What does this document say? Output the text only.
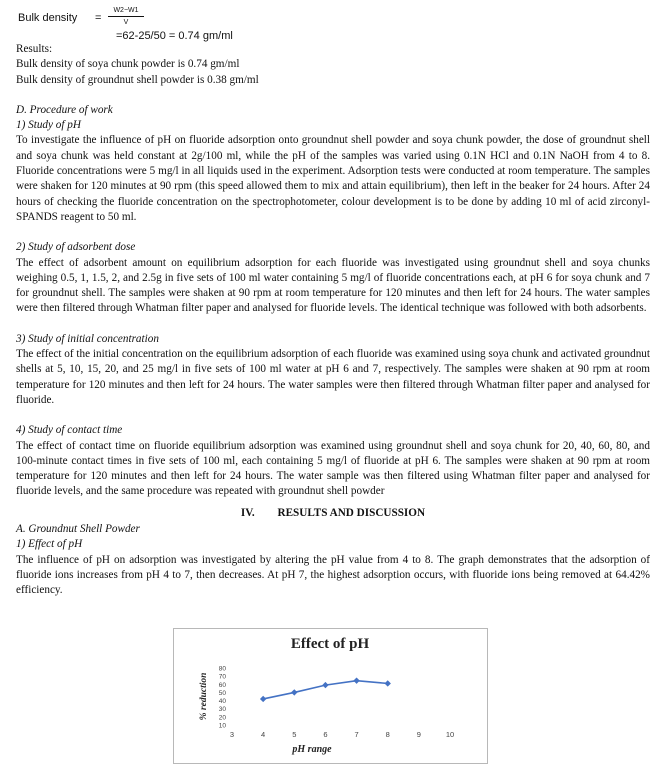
Bulk density = $\frac{W2-W1}{V}$
=62-25/50 = 0.74 gm/ml

Results:

Bulk density of soya chunk powder is 0.74 gm/ml

Bulk density of groundnut shell powder is 0.38 gm/ml

D. Procedure of work

1) Study of pH

To investigate the influence of pH on fluoride adsorption onto groundnut shell powder and soya chunk powder, the dose of groundnut shell and soya chunk was held constant at 2g/100 ml, while the pH of the samples was varied using 0.1N HCl and 0.1N NaOH from 4 to 8. Fluoride concentrations were 5 mg/l in all liquids used in the experiment. Adsorption tests were conducted at room temperature. The samples were shaken for 120 minutes at 90 rpm (this speed allowed them to mix and attain equilibrium), then left in the beaker for 24 hours. After 24 hours of checking the fluoride concentration on the spectrophotometer, colour development is to be done by adding 10 ml of acid zirconyl-SPANDS reagent to 50 ml.

2) Study of adsorbent dose

The effect of adsorbent amount on equilibrium adsorption for each fluoride was investigated using groundnut shell and soya chunks weighing 0.5, 1, 1.5, 2, and 2.5g in five sets of 100 ml water containing 5 mg/l of fluoride concentrations each, at pH 6 for soya chunk and 7 for groundnut shell. The samples were shaken at 90 rpm at room temperature for 120 minutes and then left for 24 hours. The water samples were then filtered through Whatman filter paper and analysed for fluoride levels. The identical technique was followed with both adsorbents.

3) Study of initial concentration

The effect of the initial concentration on the equilibrium adsorption of each fluoride was examined using soya chunk and activated groundnut shells at 5, 10, 15, 20, and 25 mg/l in five sets of 100 ml water at pH 6 and 7, respectively. The samples were shaken at 90 rpm at room temperature for 120 minutes and then left for 24 hours. The water samples were then filtered through Whatman filter paper and analysed for fluoride.

4) Study of contact time

The effect of contact time on fluoride equilibrium adsorption was examined using groundnut shell and soya chunk for 20, 40, 60, 80, and 100-minute contact times in five sets of 100 ml, each containing 5 mg/l of fluoride at pH 6. The samples were shaken at 90 rpm at room temperature for 120 minutes and then left for 24 hours. The water sample was then filtered using Whatman filter paper and analysed for fluoride levels, and the same procedure was repeated with groundnut shell powder

IV. RESULTS AND DISCUSSION

A. Groundnut Shell Powder

1) Effect of pH

The influence of pH on adsorption was investigated by altering the pH value from 4 to 8. The graph demonstrates that the adsorption of fluoride ions increases from pH 4 to 7, then decreases. At pH 7, the highest adsorption occurs, with fluoride ions being removed at 64.42% efficiency.

Effect of pH
10
20
30
40
50
60
70
80
3	4	5	6	7	8	9	10
pH range
% reduction
